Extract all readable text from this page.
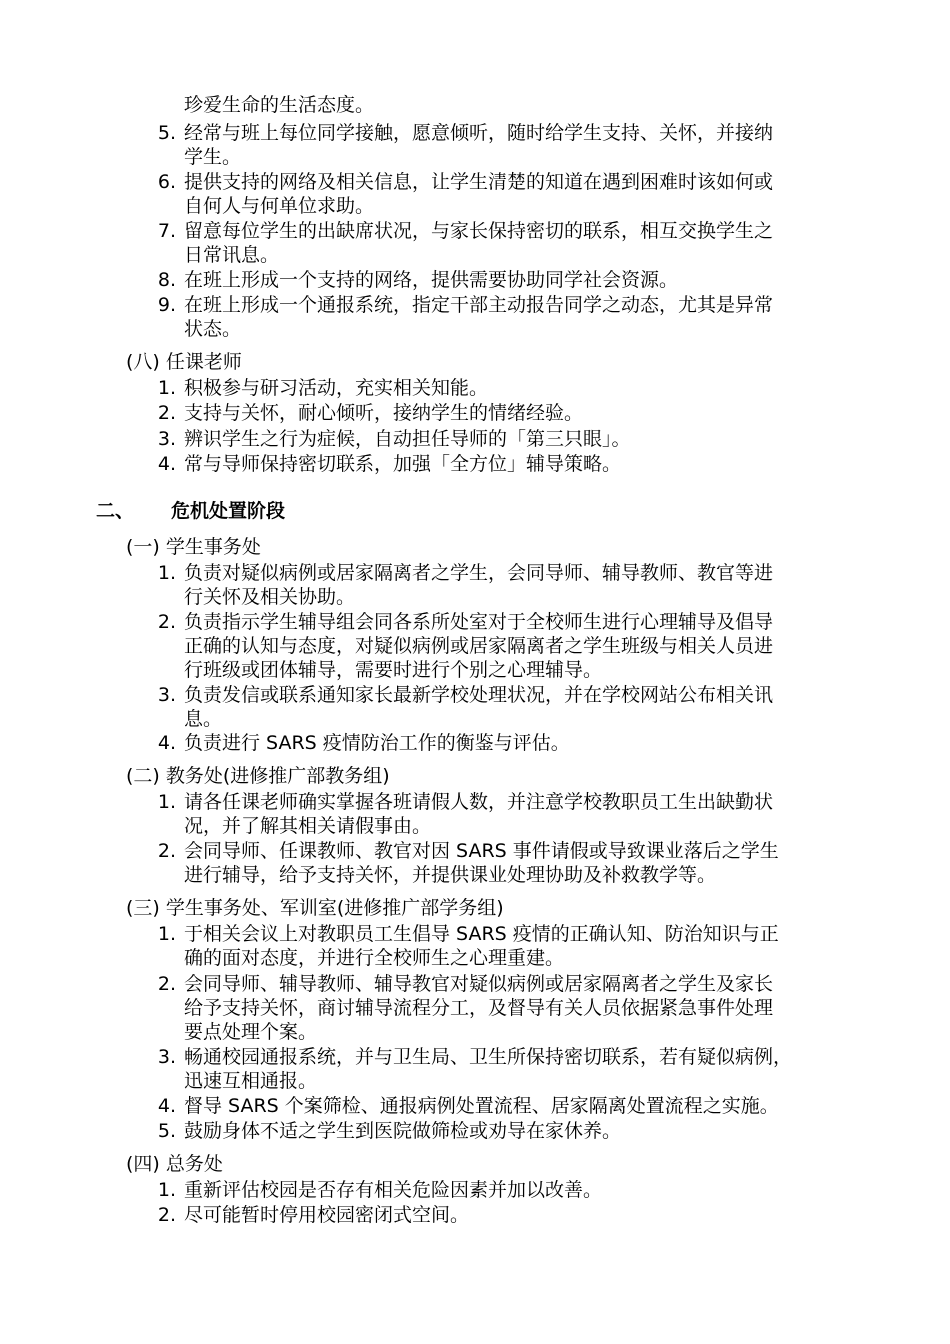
珍爱生命的生活态度。
5. 经常与班上每位同学接触，愿意倾听，随时给学生支持、关怀，并接纳
学生。
6. 提供支持的网络及相关信息，让学生清楚的知道在遇到困难时该如何或
自何人与何单位求助。
7. 留意每位学生的出缺席状况，与家长保持密切的联系，相互交换学生之
日常讯息。
8. 在班上形成一个支持的网络，提供需要协助同学社会资源。
9. 在班上形成一个通报系统，指定干部主动报告同学之动态，尤其是异常
状态。
(八) 任课老师
1. 积极参与研习活动，充实相关知能。
2. 支持与关怀，耐心倾听，接纳学生的情绪经验。
3. 辨识学生之行为症候，自动担任导师的「第三只眼」。
4. 常与导师保持密切联系，加强「全方位」辅导策略。
二、 危机处置阶段
(一) 学生事务处
1. 负责对疑似病例或居家隔离者之学生，会同导师、辅导教师、教官等进
行关怀及相关协助。
2. 负责指示学生辅导组会同各系所处室对于全校师生进行心理辅导及倡导
正确的认知与态度，对疑似病例或居家隔离者之学生班级与相关人员进
行班级或团体辅导，需要时进行个别之心理辅导。
3. 负责发信或联系通知家长最新学校处理状况，并在学校网站公布相关讯
息。
4. 负责进行 SARS 疫情防治工作的衡鉴与评估。
(二) 教务处(进修推广部教务组)
1. 请各任课老师确实掌握各班请假人数，并注意学校教职员工生出缺勤状
况，并了解其相关请假事由。
2. 会同导师、任课教师、教官对因 SARS 事件请假或导致课业落后之学生
进行辅导，给予支持关怀，并提供课业处理协助及补救教学等。
(三) 学生事务处、军训室(进修推广部学务组)
1. 于相关会议上对教职员工生倡导 SARS 疫情的正确认知、防治知识与正
确的面对态度，并进行全校师生之心理重建。
2. 会同导师、辅导教师、辅导教官对疑似病例或居家隔离者之学生及家长
给予支持关怀，商讨辅导流程分工，及督导有关人员依据紧急事件处理
要点处理个案。
3. 畅通校园通报系统，并与卫生局、卫生所保持密切联系，若有疑似病例，
迅速互相通报。
4. 督导 SARS 个案筛检、通报病例处置流程、居家隔离处置流程之实施。
5. 鼓励身体不适之学生到医院做筛检或劝导在家休养。
(四) 总务处
1. 重新评估校园是否存有相关危险因素并加以改善。
2. 尽可能暂时停用校园密闭式空间。
